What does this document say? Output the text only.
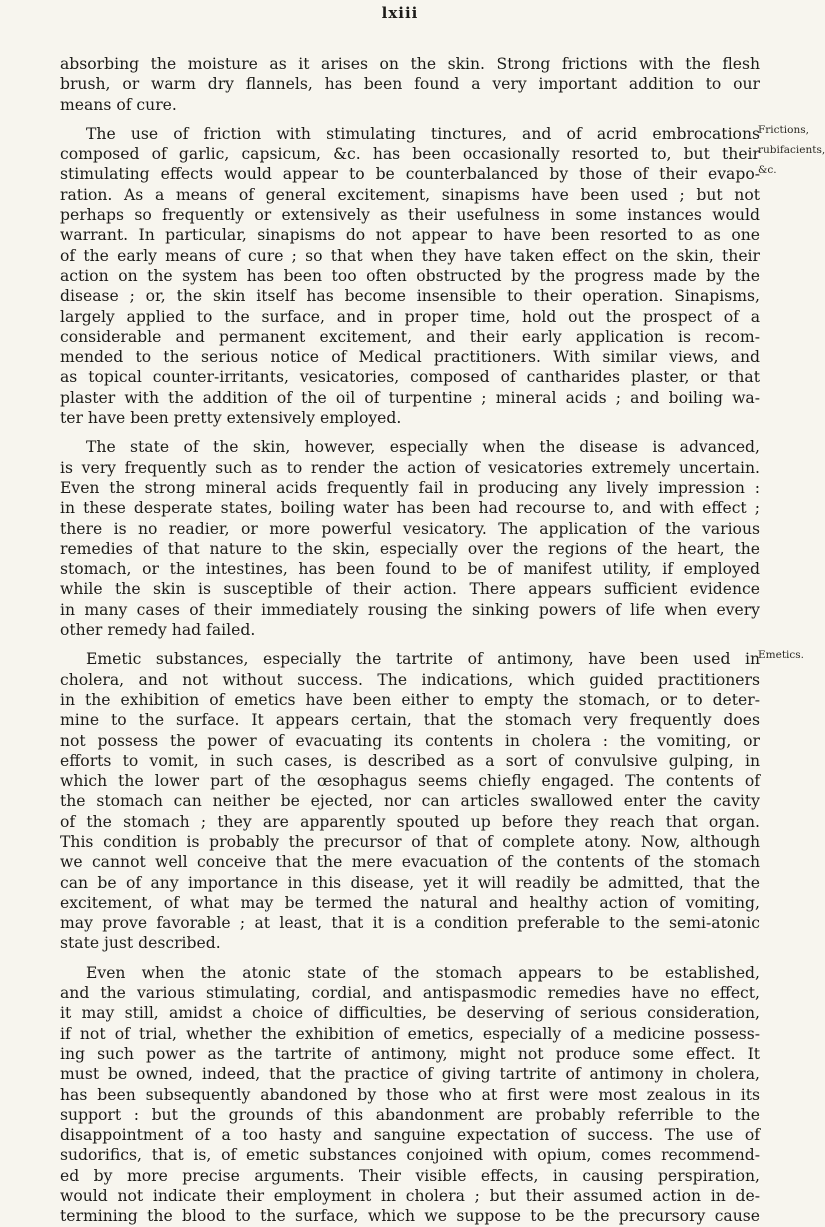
lxiii
absorbing the moisture as it arises on the skin. Strong frictions with the flesh
brush, or warm dry flannels, has been found a very important addition to our
means of cure.
The use of friction with stimulating tinctures, and of acrid embrocations
Frictions,
composed of garlic, capsicum, &c. has been occasionally resorted to, but their
rubifacients,
stimulating effects would appear to be counterbalanced by those of their evapo-
&c.
ration. As a means of general excitement, sinapisms have been used ; but not
perhaps so frequently or extensively as their usefulness in some instances would
warrant. In particular, sinapisms do not appear to have been resorted to as one
of the early means of cure ; so that when they have taken effect on the skin, their
action on the system has been too often obstructed by the progress made by the
disease ; or, the skin itself has become insensible to their operation. Sinapisms,
largely applied to the surface, and in proper time, hold out the prospect of a
considerable and permanent excitement, and their early application is recom-
mended to the serious notice of Medical practitioners. With similar views, and
as topical counter-irritants, vesicatories, composed of cantharides plaster, or that
plaster with the addition of the oil of turpentine ; mineral acids ; and boiling wa-
ter have been pretty extensively employed.
The state of the skin, however, especially when the disease is advanced,
is very frequently such as to render the action of vesicatories extremely uncertain.
Even the strong mineral acids frequently fail in producing any lively impression :
in these desperate states, boiling water has been had recourse to, and with effect ;
there is no readier, or more powerful vesicatory. The application of the various
remedies of that nature to the skin, especially over the regions of the heart, the
stomach, or the intestines, has been found to be of manifest utility, if employed
while the skin is susceptible of their action. There appears sufficient evidence
in many cases of their immediately rousing the sinking powers of life when every
other remedy had failed.
Emetic substances, especially the tartrite of antimony, have been used in
Emetics.
cholera, and not without success. The indications, which guided practitioners
in the exhibition of emetics have been either to empty the stomach, or to deter-
mine to the surface. It appears certain, that the stomach very frequently does
not possess the power of evacuating its contents in cholera : the vomiting, or
efforts to vomit, in such cases, is described as a sort of convulsive gulping, in
which the lower part of the œsophagus seems chiefly engaged. The contents of
the stomach can neither be ejected, nor can articles swallowed enter the cavity
of the stomach ; they are apparently spouted up before they reach that organ.
This condition is probably the precursor of that of complete atony. Now, although
we cannot well conceive that the mere evacuation of the contents of the stomach
can be of any importance in this disease, yet it will readily be admitted, that the
excitement, of what may be termed the natural and healthy action of vomiting,
may prove favorable ; at least, that it is a condition preferable to the semi-atonic
state just described.
Even when the atonic state of the stomach appears to be established,
and the various stimulating, cordial, and antispasmodic remedies have no effect,
it may still, amidst a choice of difficulties, be deserving of serious consideration,
if not of trial, whether the exhibition of emetics, especially of a medicine possess-
ing such power as the tartrite of antimony, might not produce some effect. It
must be owned, indeed, that the practice of giving tartrite of antimony in cholera,
has been subsequently abandoned by those who at first were most zealous in its
support : but the grounds of this abandonment are probably referrible to the
disappointment of a too hasty and sanguine expectation of success. The use of
sudorifics, that is, of emetic substances conjoined with opium, comes recommend-
ed by more precise arguments. Their visible effects, in causing perspiration,
would not indicate their employment in cholera ; but their assumed action in de-
termining the blood to the surface, which we suppose to be the precursory cause
